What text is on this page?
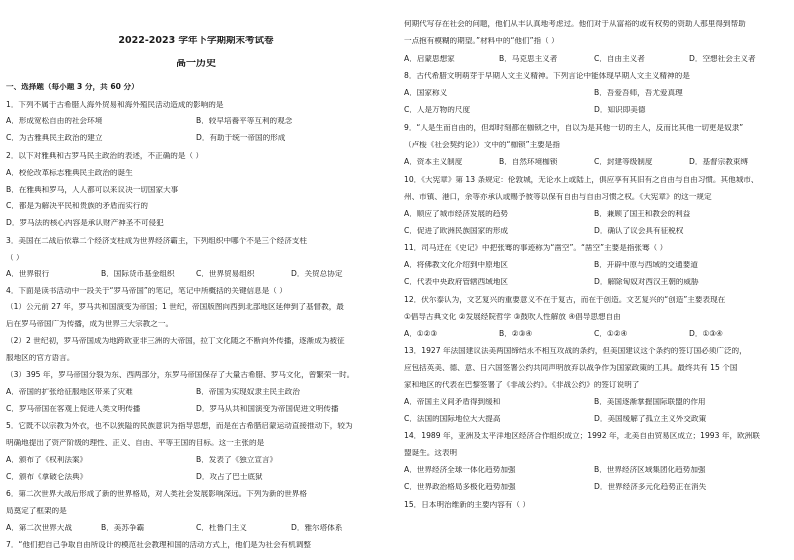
2022-2023 学年下学期期末考试卷
高一历史
一、选择题（每小题 3 分，共 60 分）
1．下列不属于古希腊人海外贸易和海外殖民活动造成的影响的是
A．形成宽松自由的社会环境	B．较早培養平等互利的观念
C．为古雅典民主政治的建立	D．有助于统一帝国的形成
2．以下对雅典和古罗马民主政治的表述，不正确的是（ ）
A．校伦改革标志雅典民主政治的诞生
B．在雅典和罗马，人人都可以来议决一切国家大事
C．都是为解决平民和贵族的矛盾而实行的
D．罗马法的核心内容是承认财产神圣不可侵犯
3．美国在二战后依靠二个经济支柱成为世界经济霸主，下列组织中哪个不是三个经济支柱
（ ）
A．世界银行	B．国际货币基金组织	C．世界贸易组织	D．关贸总协定
4．下面是读书活动中一段关于“罗马帝国”的笔记，笔记中所概括的关键信息是（ ）
（1）公元前 27 年，罗马共和国演变为帝国；1 世纪，帝国版图向西到北部地区延伸到了基督教，最
后在罗马帝国广为传播，成为世界三大宗教之一。
（2）2 世纪初，罗马帝国成为地跨欧亚非三洲的大帝国，拉丁文化随之不断向外传播，逐渐成为被征
服地区的官方语言。
（3）395 年，罗马帝国分裂为东、西两部分，东罗马帝国保存了大量古希腊、罗马文化，曾繁荣一时。
A．帝国的扩张给征服地区带来了灾难	B．帝国为实现奴隶主民主政治
C．罗马帝国在客观上促进人类文明传播	D．罗马从共和国演变为帝国促进文明传播
5．它既不以宗教为外衣，也不以狭隘的民族意识为指导思想，而是在古希腊启蒙运动直接推动下，较为
明确地提出了资产阶级的理性、正义、自由、平等王国的目标。这一主张的是
A．颁布了《权利法案》	B．发表了《独立宣言》
C．颁布《拿破仑法典》	D．攻占了巴士底狱
6．第二次世界大战后形成了新的世界格局，对人类社会发展影响深远。下列为新的世界格
局奠定了框架的是
A．第二次世界大战	B．美苏争霸	C．杜鲁门主义	D．雅尔塔体系
7．“他们把自己争取自由所设计的模范社会教理和国的活动方式上，他们是为社会有机调整
何期代写存在社会的问题，他们从丰认真地考虑过。他们对于从富裕的或有权势的资助人那里得到帮助
一点抱有模糊的期望。”材料中的“他们”指（ ）
A．启蒙思想家	B．马克思主义者	C．自由主义者	D．空想社会主义者
8．古代希腊文明萌芽于早期人文主义精神。下列言论中能体现早期人文主义精神的是
A．国家称义	B．吾爱吾师，吾尤爱真理
C．人是万物的尺度	D．知识即美德
9．“人是生而自由的，但却时刻都在枷锁之中，自以为是其他一切的主人，反而比其他一切更是奴隶”
（卢梭《社会契约论》）文中的“枷锁”主要是指
A．资本主义制度	B．自然环境枷锁	C．封建等级制度	D．基督宗教束缚
10．《大宪章》第 13 条规定：伦敦城，无论水上或陆上，俱应享有其旧有之自由与自由习惯。其他城市、
州、市镇、港口，余等亦承认或赐予彼等以保有自由与自由习惯之权。《大宪章》的这一规定
A．顺应了城市经济发展的趋势	B．兼顾了国王和教会的利益
C．促进了欧洲民族国家的形成	D．确认了议会具有征税权
11．司马迁在《史记》中把张骞的事迹称为“凿空”。“凿空”主要是指张骞（ ）
A．将佛教文化介绍到中原地区	B．开辟中原与西域的交通要道
C．代表中央政府管辖西域地区	D．解除匈奴对西汉王朝的威胁
12．伏尔泰认为，文艺复兴的重要意义不在于复古，而在于创造。文艺复兴的“创造”主要表现在
①倡导古典文化 ②发展经院哲学 ③鼓吹人性解放 ④倡导思想自由
A．①②③	B．②③④	C．①②④	D．①③④
13．1927 年法国建议法美两国缔结永不相互攻战的条约，但美国建议这个条约的签订国必须广泛的，
应包括英美、德、意、日六国签署公约共同声明放弃以战争作为国家政策的工具。最终共有 15 个国
家和地区的代表在巴黎签署了《非战公约》。《非战公约》的签订说明了
A．帝国主义间矛盾得到缓和	B．美国逐渐掌握国际联盟的作用
C．法国的国际地位大大提高	D．美国缓解了孤立主义外交政策
14．1989 年，亚洲及太平洋地区经济合作组织成立；1992 年，北美自由贸易区成立；1993 年，欧洲联
盟诞生。这表明
A．世界经济全球一体化趋势加强	B．世界经济区域集团化趋势加强
C．世界政治格局多极化趋势加强	D．世界经济多元化趋势正在消失
15．日本明治维新的主要内容有（ ）
